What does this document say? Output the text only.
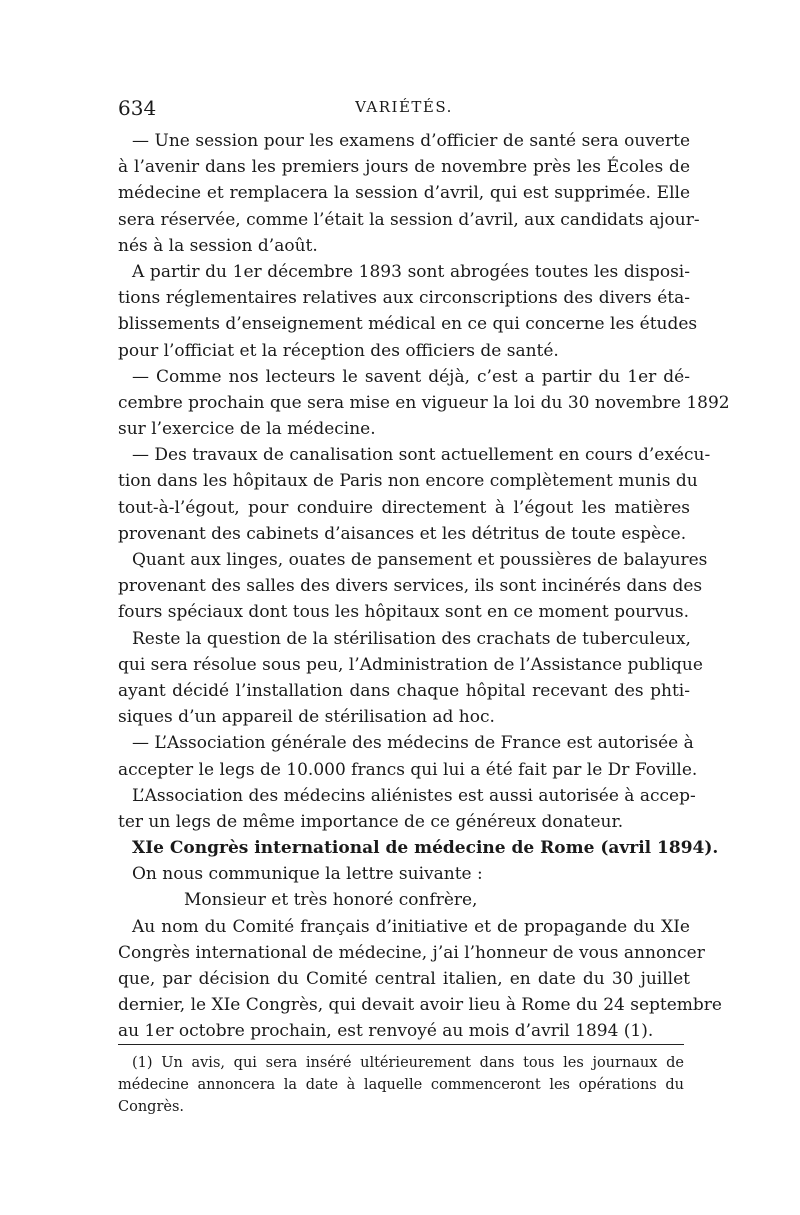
634	VARIÉTÉS.
— Une session pour les examens d’officier de santé sera ouverte
à l’avenir dans les premiers jours de novembre près les Écoles de
médecine et remplacera la session d’avril, qui est supprimée. Elle
sera réservée, comme l’était la session d’avril, aux candidats ajour-
nés à la session d’août.
A partir du 1er décembre 1893 sont abrogées toutes les disposi-
tions réglementaires relatives aux circonscriptions des divers éta-
blissements d’enseignement médical en ce qui concerne les études
pour l’officiat et la réception des officiers de santé.
— Comme nos lecteurs le savent déjà, c’est a partir du 1er dé-
cembre prochain que sera mise en vigueur la loi du 30 novembre 1892
sur l’exercice de la médecine.
— Des travaux de canalisation sont actuellement en cours d’exécu-
tion dans les hôpitaux de Paris non encore complètement munis du
tout-à-l’égout, pour conduire directement à l’égout les matières
provenant des cabinets d’aisances et les détritus de toute espèce.
Quant aux linges, ouates de pansement et poussières de balayures
provenant des salles des divers services, ils sont incinérés dans des
fours spéciaux dont tous les hôpitaux sont en ce moment pourvus.
Reste la question de la stérilisation des crachats de tuberculeux,
qui sera résolue sous peu, l’Administration de l’Assistance publique
ayant décidé l’installation dans chaque hôpital recevant des phti-
siques d’un appareil de stérilisation ad hoc.
— L’Association générale des médecins de France est autorisée à
accepter le legs de 10.000 francs qui lui a été fait par le Dr Foville.
L’Association des médecins aliénistes est aussi autorisée à accep-
ter un legs de même importance de ce généreux donateur.
XIe Congrès international de médecine de Rome (avril 1894).
On nous communique la lettre suivante :
Monsieur et très honoré confrère,
Au nom du Comité français d’initiative et de propagande du XIe
Congrès international de médecine, j’ai l’honneur de vous annoncer
que, par décision du Comité central italien, en date du 30 juillet
dernier, le XIe Congrès, qui devait avoir lieu à Rome du 24 septembre
au 1er octobre prochain, est renvoyé au mois d’avril 1894 (1).
(1) Un avis, qui sera inséré ultérieurement dans tous les journaux de
médecine annoncera la date à laquelle commenceront les opérations du
Congrès.
